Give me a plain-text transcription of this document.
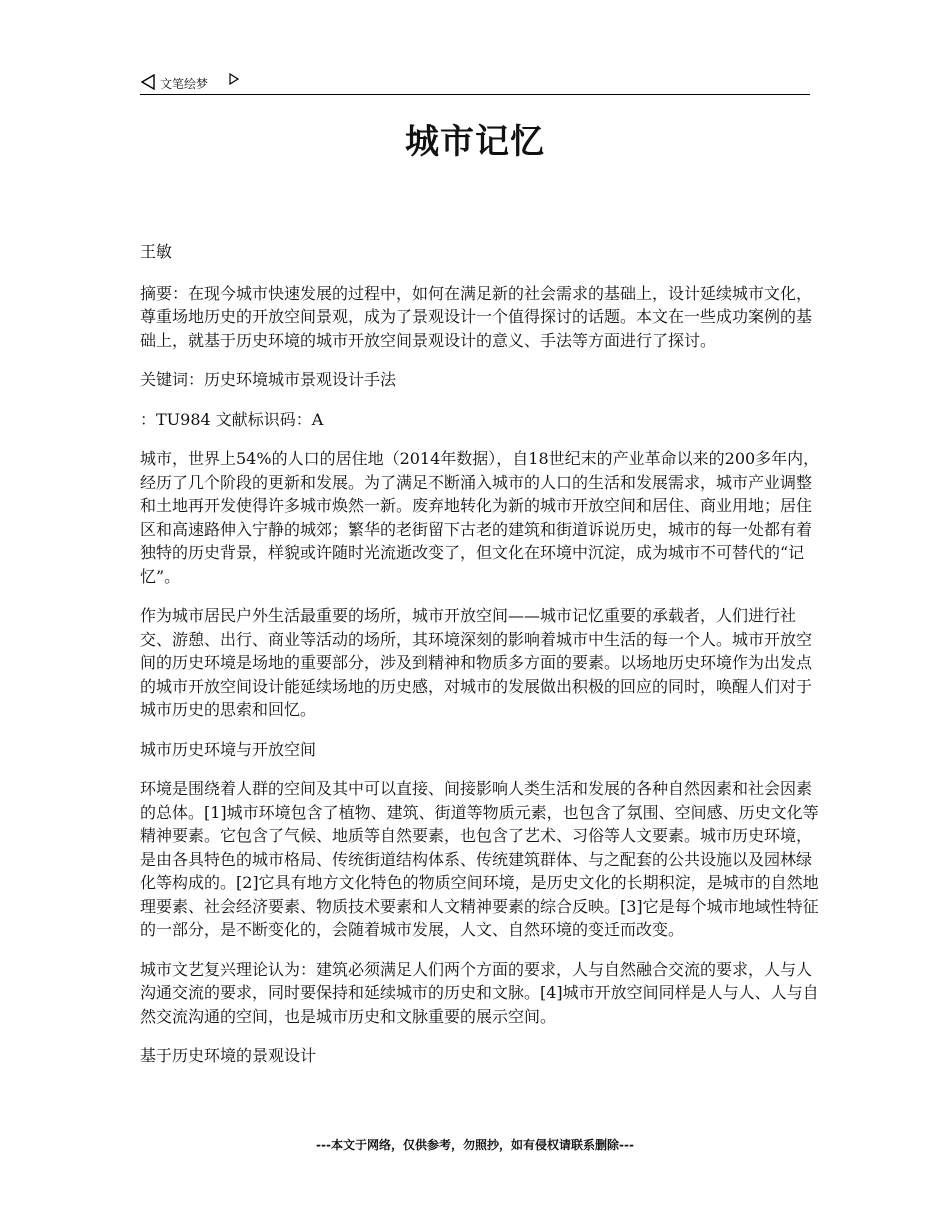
文笔绘梦
城市记忆

王敏

摘要：在现今城市快速发展的过程中，如何在满足新的社会需求的基础上，设计延续城市文化，尊重场地历史的开放空间景观，成为了景观设计一个值得探讨的话题。本文在一些成功案例的基础上，就基于历史环境的城市开放空间景观设计的意义、手法等方面进行了探讨。

关键词：历史环境城市景观设计手法

：TU984 文献标识码：A

城市，世界上54%的人口的居住地（2014年数据），自18世纪末的产业革命以来的200多年内，经历了几个阶段的更新和发展。为了满足不断涌入城市的人口的生活和发展需求，城市产业调整和土地再开发使得许多城市焕然一新。废弃地转化为新的城市开放空间和居住、商业用地；居住区和高速路伸入宁静的城郊；繁华的老街留下古老的建筑和街道诉说历史，城市的每一处都有着独特的历史背景，样貌或许随时光流逝改变了，但文化在环境中沉淀，成为城市不可替代的“记忆”。

作为城市居民户外生活最重要的场所，城市开放空间——城市记忆重要的承载者，人们进行社交、游憩、出行、商业等活动的场所，其环境深刻的影响着城市中生活的每一个人。城市开放空间的历史环境是场地的重要部分，涉及到精神和物质多方面的要素。以场地历史环境作为出发点的城市开放空间设计能延续场地的历史感，对城市的发展做出积极的回应的同时，唤醒人们对于城市历史的思索和回忆。

城市历史环境与开放空间

环境是围绕着人群的空间及其中可以直接、间接影响人类生活和发展的各种自然因素和社会因素的总体。[1]城市环境包含了植物、建筑、街道等物质元素，也包含了氛围、空间感、历史文化等精神要素。它包含了气候、地质等自然要素，也包含了艺术、习俗等人文要素。城市历史环境，是由各具特色的城市格局、传统街道结构体系、传统建筑群体、与之配套的公共设施以及园林绿化等构成的。[2]它具有地方文化特色的物质空间环境，是历史文化的长期积淀，是城市的自然地理要素、社会经济要素、物质技术要素和人文精神要素的综合反映。[3]它是每个城市地域性特征的一部分，是不断变化的，会随着城市发展，人文、自然环境的变迁而改变。

城市文艺复兴理论认为：建筑必须满足人们两个方面的要求，人与自然融合交流的要求，人与人沟通交流的要求，同时要保持和延续城市的历史和文脉。[4]城市开放空间同样是人与人、人与自然交流沟通的空间，也是城市历史和文脉重要的展示空间。

基于历史环境的景观设计

---本文于网络，仅供参考，勿照抄，如有侵权请联系删除---
